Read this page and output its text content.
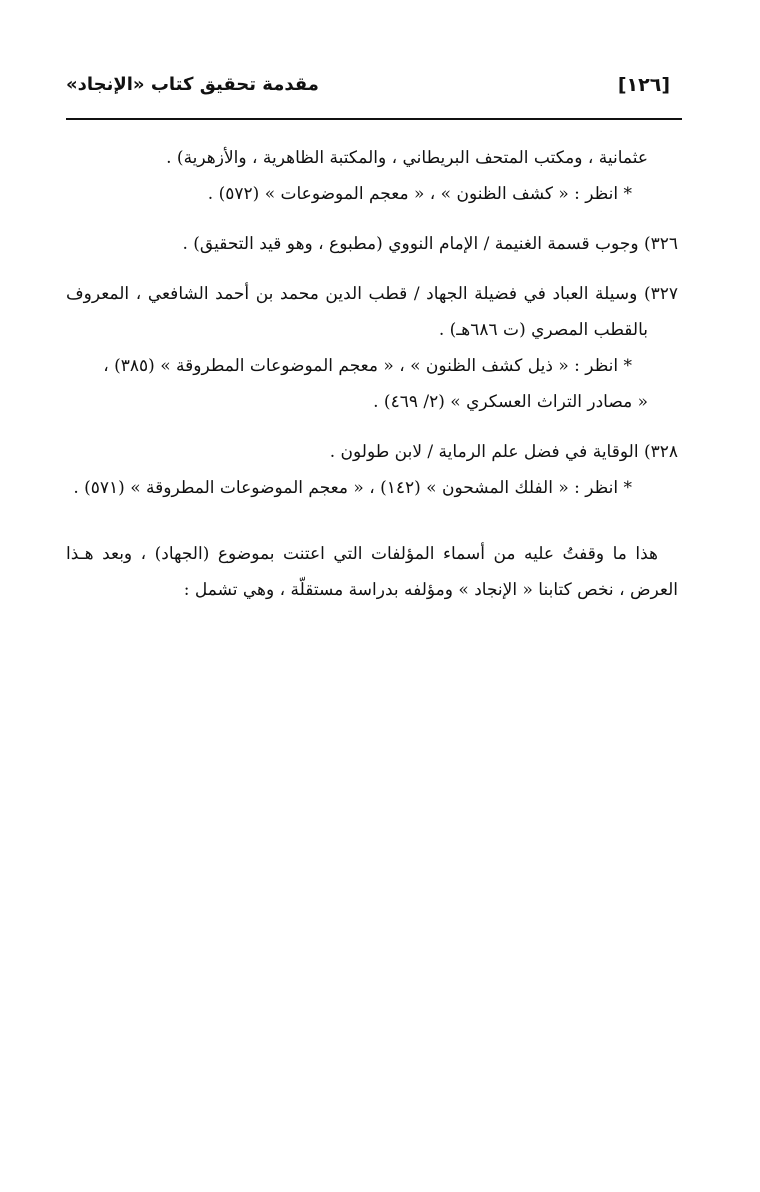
[١٢٦]
مقدمة تحقيق كتاب «الإنجاد»
عثمانية ، ومكتب المتحف البريطاني ، والمكتبة الظاهرية ، والأزهرية) .
* انظر : « كشف الظنون » ، « معجم الموضوعات » (٥٧٢) .
٣٢٦) وجوب قسمة الغنيمة / الإمام النووي (مطبوع ، وهو قيد التحقيق) .
٣٢٧) وسيلة العباد في فضيلة الجهاد / قطب الدين محمد بن أحمد الشافعي ، المعروف
بالقطب المصري (ت ٦٨٦هـ) .
* انظر : « ذيل كشف الظنون » ، « معجم الموضوعات المطروقة » (٣٨٥) ،
« مصادر التراث العسكري » (٢/ ٤٦٩) .
٣٢٨) الوقاية في فضل علم الرماية / لابن طولون .
* انظر : « الفلك المشحون » (١٤٢) ، « معجم الموضوعات المطروقة » (٥٧١) .
هذا ما وقفتُ عليه من أسماء المؤلفات التي اعتنت بموضوع (الجهاد) ، وبعد هـذا
العرض ، نخص كتابنا « الإنجاد » ومؤلفه بدراسة مستقلّة ، وهي تشمل :
